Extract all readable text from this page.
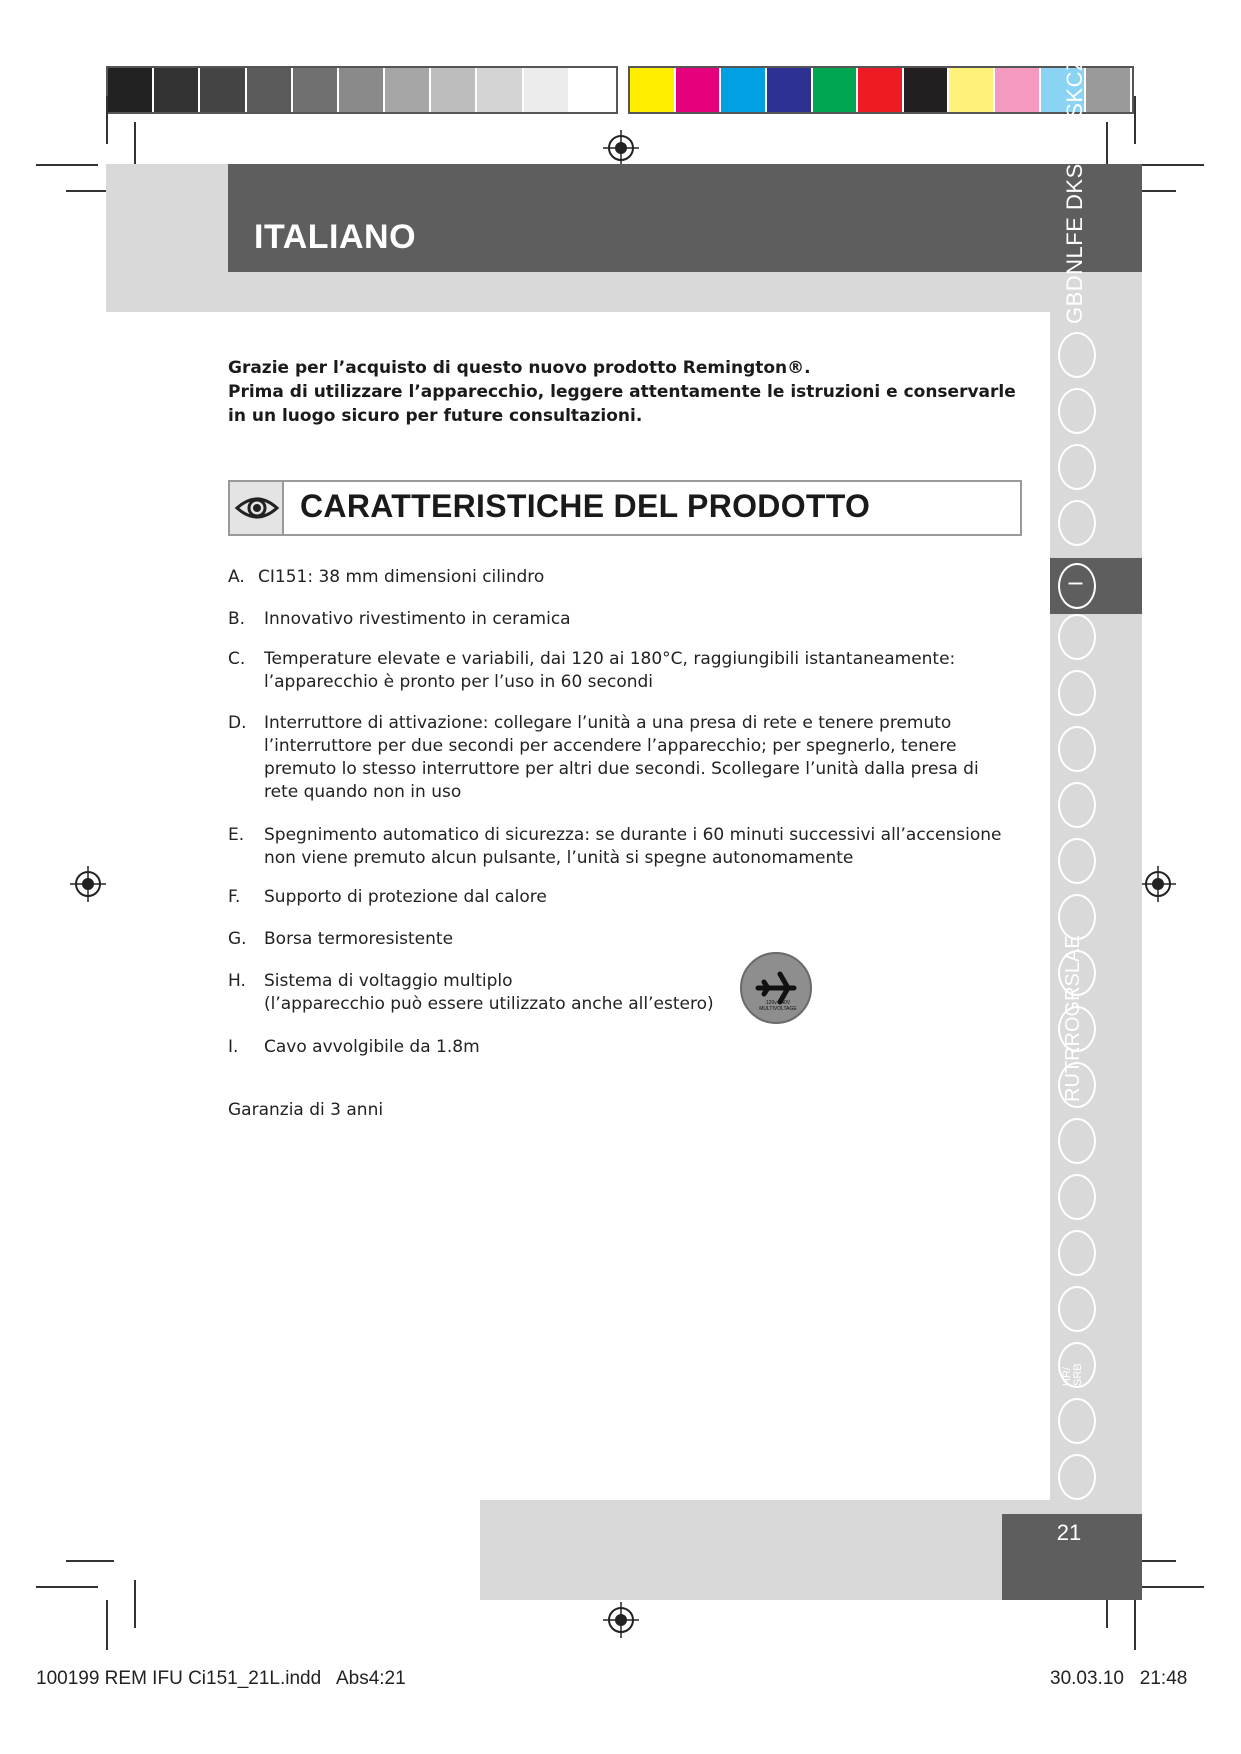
ITALIANO	GBDNLFE DKSFNPSKCZ
I
RUTRROGRSLAE
HR/ SRB
Grazie per l’acquisto di questo nuovo prodotto Remington®.
Prima di utilizzare l’apparecchio, leggere attentamente le istruzioni e conservarle
in un luogo sicuro per future consultazioni.
CARATTERISTICHE DEL PRODOTTO
A. CI151: 38 mm dimensioni cilindro
B.	Innovativo rivestimento in ceramica
C.	Temperature elevate e variabili, dai 120 ai 180°C, raggiungibili istantaneamente:
l’apparecchio è pronto per l’uso in 60 secondi
D.	Interruttore di attivazione: collegare l’unità a una presa di rete e tenere premuto
l’interruttore per due secondi per accendere l’apparecchio; per spegnerlo, tenere
premuto lo stesso interruttore per altri due secondi. Scollegare l’unità dalla presa di
rete quando non in uso
E.	Spegnimento automatico di sicurezza: se durante i 60 minuti successivi all’accensione
non viene premuto alcun pulsante, l’unità si spegne autonomamente
F.	Supporto di protezione dal calore
G.	Borsa termoresistente
H.	Sistema di voltaggio multiplo
(l’apparecchio può essere utilizzato anche all’estero)
I.	Cavo avvolgibile da 1.8m
120v-240V MULTIVOLTAGE
Garanzia di 3 anni
21
100199 REM IFU Ci151_21L.indd   Abs4:21	30.03.10   21:48
